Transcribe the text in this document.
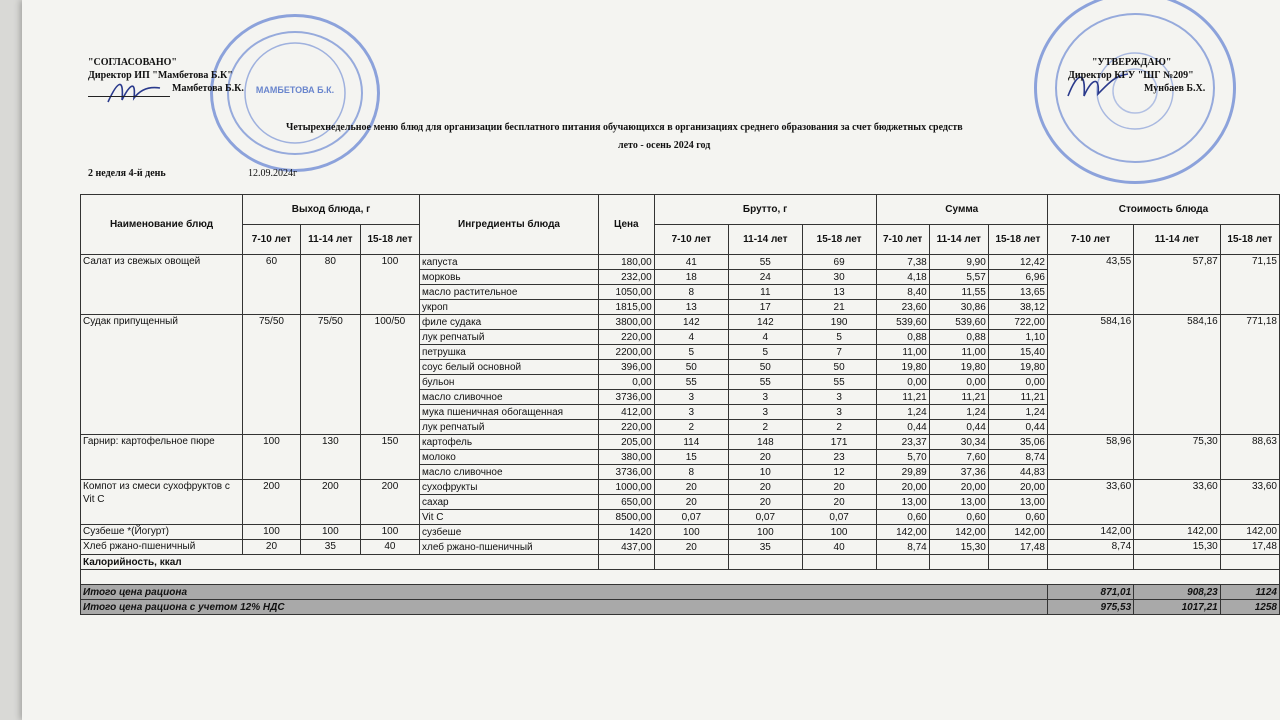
МАМБЕТОВА Б.К.
"СОГЛАСОВАНО"
Директор ИП "Мамбетова Б.К"
Мамбетова Б.К.
"УТВЕРЖДАЮ"
Директор КГУ "ШГ №209"
Мунбаев Б.Х.
Четырехнедельное меню блюд для организации бесплатного питания обучающихся в организациях среднего образования за счет бюджетных средств
лето - осень 2024 год
2 неделя 4-й день	12.09.2024г
Наименование блюд	Выход блюда, г			Ингредиенты блюда	Цена	Брутто, г			Сумма			Стоимость блюда		
	7-10 лет	11-14 лет	15-18 лет			7-10 лет	11-14 лет	15-18 лет	7-10 лет	11-14 лет	15-18 лет	7-10 лет	11-14 лет	15-18 лет
Салат из свежых овощей	60	80	100	капуста	180,00	41	55	69	7,38	9,90	12,42	43,55	57,87	71,15
				морковь	232,00	18	24	30	4,18	5,57	6,96			
				масло растительное	1050,00	8	11	13	8,40	11,55	13,65			
				укроп	1815,00	13	17	21	23,60	30,86	38,12			
Судак припущенный	75/50	75/50	100/50	филе судака	3800,00	142	142	190	539,60	539,60	722,00	584,16	584,16	771,18
				лук репчатый	220,00	4	4	5	0,88	0,88	1,10			
				петрушка	2200,00	5	5	7	11,00	11,00	15,40			
				соус белый основной	396,00	50	50	50	19,80	19,80	19,80			
				бульон	0,00	55	55	55	0,00	0,00	0,00			
				масло сливочное	3736,00	3	3	3	11,21	11,21	11,21			
				мука пшеничная обогащенная	412,00	3	3	3	1,24	1,24	1,24			
				лук репчатый	220,00	2	2	2	0,44	0,44	0,44			
Гарнир: картофельное пюре	100	130	150	картофель	205,00	114	148	171	23,37	30,34	35,06	58,96	75,30	88,63
				молоко	380,00	15	20	23	5,70	7,60	8,74			
				масло сливочное	3736,00	8	10	12	29,89	37,36	44,83			
Компот из смеси сухофруктов с Vit C	200	200	200	сухофрукты	1000,00	20	20	20	20,00	20,00	20,00	33,60	33,60	33,60
				сахар	650,00	20	20	20	13,00	13,00	13,00			
				Vit C	8500,00	0,07	0,07	0,07	0,60	0,60	0,60			
Сузбеше *(Йогурт)	100	100	100	сузбеше	1420	100	100	100	142,00	142,00	142,00	142,00	142,00	142,00
Хлеб ржано-пшеничный	20	35	40	хлеб ржано-пшеничный	437,00	20	35	40	8,74	15,30	17,48	8,74	15,30	17,48
Калорийность, ккал														

Итого цена рациона												871,01	908,23	1124
Итого цена рациона с учетом 12% НДС												975,53	1017,21	1258
